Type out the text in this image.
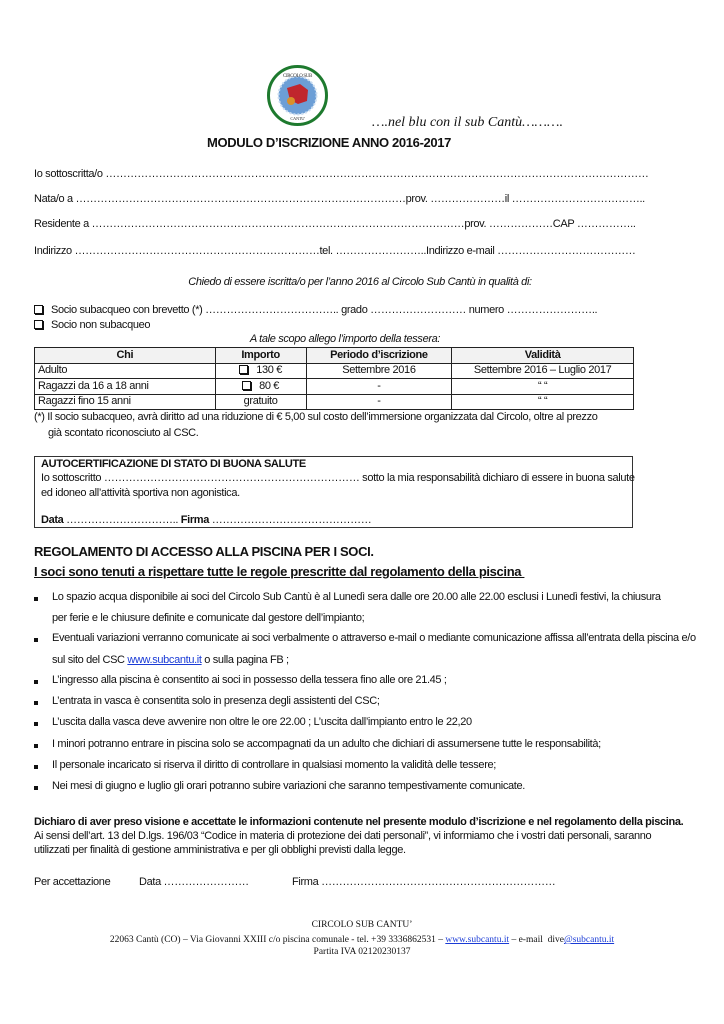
CIRCOLO SUB
CANTU'	….nel blu con il sub Cantù……….
MODULO D’ISCRIZIONE ANNO 2016-2017
Io sottoscritta/o ………………………………………………………………………………………………………………………………………
Nata/o a …………………………………………………………………………………prov. …………………il ………………………………..
Residente a ……………………………………………………………………………………………prov. ………………CAP ……………..
Indirizzo ……………………………………………………………tel. ……………………..Indirizzo e-mail …………………………………
Chiedo di essere iscritta/o per l’anno 2016 al Circolo Sub Cantù in qualità di:
Socio subacqueo con brevetto (*) ……………………………….. grado ……………………… numero ……………………..
Socio non subacqueo
A tale scopo allego l’importo della tessera:
Chi	Importo	Periodo d’iscrizione	Validità
Adulto	130 €	Settembre 2016	Settembre 2016 – Luglio 2017
Ragazzi da 16 a 18 anni	80 €	-	“ “
Ragazzi fino 15 anni	gratuito	-	“ “
(*) Il socio subacqueo, avrà diritto ad una riduzione di € 5,00 sul costo dell’immersione organizzata dal Circolo, oltre al prezzo
già scontato riconosciuto al CSC.
AUTOCERTIFICAZIONE DI STATO DI BUONA SALUTE
Io sottoscritto ……………………………………………………………… sotto la mia responsabilità dichiaro di essere in buona salute
ed idoneo all’attività sportiva non agonistica.
Data ………………………….. Firma ………………………………………
REGOLAMENTO DI ACCESSO ALLA PISCINA PER I SOCI.
I soci sono tenuti a rispettare tutte le regole prescritte dal regolamento della piscina
Lo spazio acqua disponibile ai soci del Circolo Sub Cantù è al Lunedì sera dalle ore 20.00 alle 22.00 esclusi i Lunedì festivi, la chiusura
per ferie e le chiusure definite e comunicate dal gestore dell’impianto;
Eventuali variazioni verranno comunicate ai soci verbalmente o attraverso e-mail o mediante comunicazione affissa all’entrata della piscina e/o
sul sito del CSC www.subcantu.it o sulla pagina FB ;
L’ingresso alla piscina è consentito ai soci in possesso della tessera fino alle ore 21.45 ;
L’entrata in vasca è consentita solo in presenza degli assistenti del CSC;
L’uscita dalla vasca deve avvenire non oltre le ore 22.00 ; L’uscita dall’impianto entro le 22,20
I minori potranno entrare in piscina solo se accompagnati da un adulto che dichiari di assumersene tutte le responsabilità;
Il personale incaricato si riserva il diritto di controllare in qualsiasi momento la validità delle tessere;
Nei mesi di giugno e luglio gli orari potranno subire variazioni che saranno tempestivamente comunicate.
Dichiaro di aver preso visione e accettate le informazioni contenute nel presente modulo d’iscrizione e nel regolamento della piscina.
Ai sensi dell’art. 13 del D.lgs. 196/03 “Codice in materia di protezione dei dati personali”, vi informiamo che i vostri dati personali, saranno
utilizzati per finalità di gestione amministrativa e per gli obblighi previsti dalla legge.
Per accettazione	Data ……………………	Firma …………………………………………………………
CIRCOLO SUB CANTU’
22063 Cantù (CO) – Via Giovanni XXIII c/o piscina comunale - tel. +39 3336862531 – www.subcantu.it – e-mail  dive@subcantu.it
Partita IVA 02120230137
